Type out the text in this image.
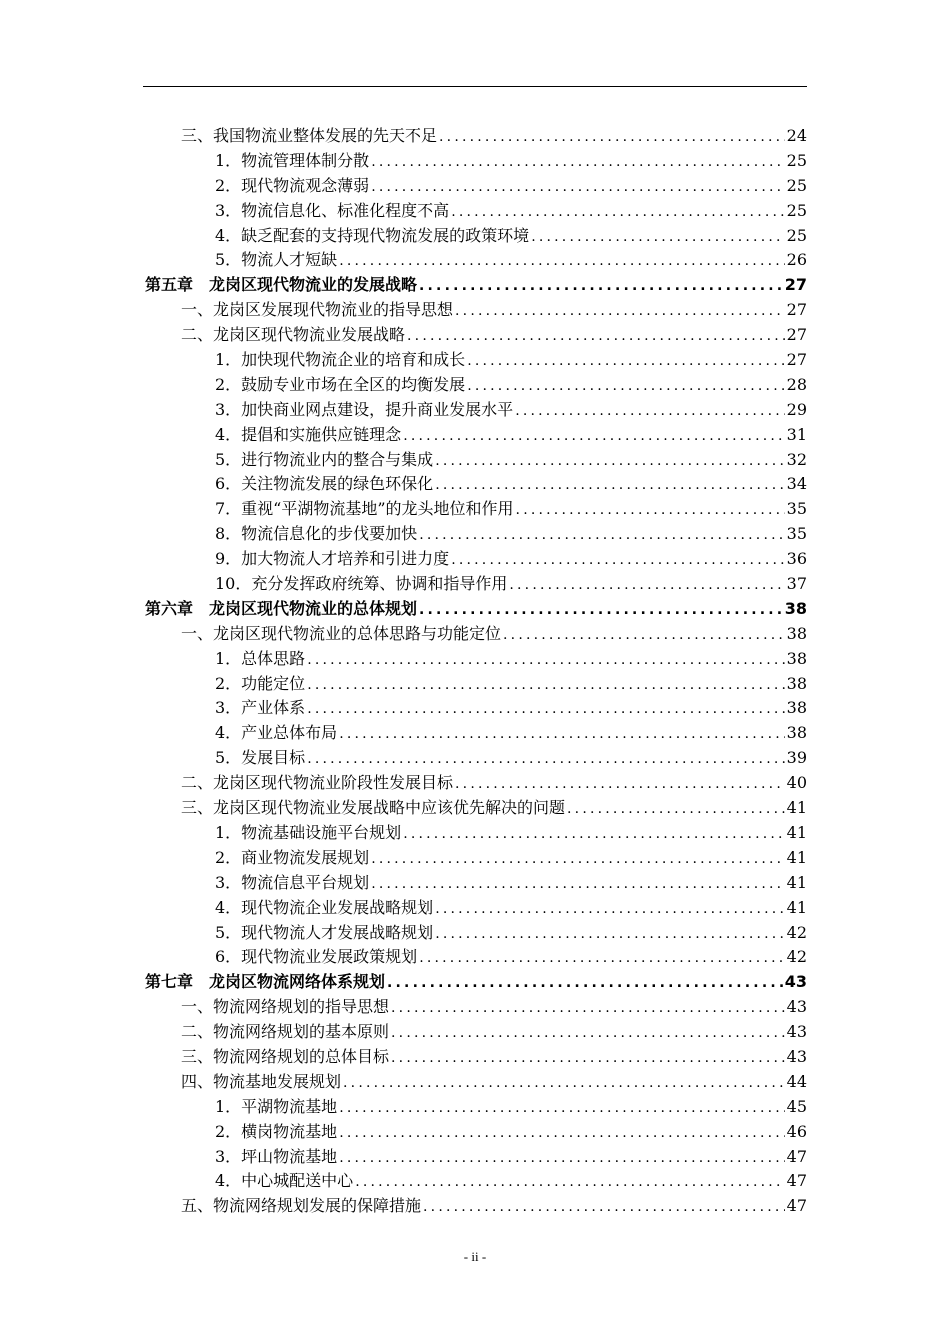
三、我国物流业整体发展的先天不足 .....	24
1．物流管理体制分散 .....	25
2．现代物流观念薄弱 .....	25
3．物流信息化、标准化程度不高 .....	25
4．缺乏配套的支持现代物流发展的政策环境 .....	25
5．物流人才短缺 .....	26
第五章　龙岗区现代物流业的发展战略 .....	27
一、龙岗区发展现代物流业的指导思想 .....	27
二、龙岗区现代物流业发展战略 .....	27
1．加快现代物流企业的培育和成长 .....	27
2．鼓励专业市场在全区的均衡发展 .....	28
3．加快商业网点建设，提升商业发展水平 .....	29
4．提倡和实施供应链理念 .....	31
5．进行物流业内的整合与集成 .....	32
6．关注物流发展的绿色环保化 .....	34
7．重视“平湖物流基地”的龙头地位和作用 .....	35
8．物流信息化的步伐要加快 .....	35
9．加大物流人才培养和引进力度 .....	36
10．充分发挥政府统筹、协调和指导作用 .....	37
第六章　龙岗区现代物流业的总体规划 .....	38
一、龙岗区现代物流业的总体思路与功能定位 .....	38
1．总体思路 .....	38
2．功能定位 .....	38
3．产业体系 .....	38
4．产业总体布局 .....	38
5．发展目标 .....	39
二、龙岗区现代物流业阶段性发展目标 .....	40
三、龙岗区现代物流业发展战略中应该优先解决的问题 .....	41
1．物流基础设施平台规划 .....	41
2．商业物流发展规划 .....	41
3．物流信息平台规划 .....	41
4．现代物流企业发展战略规划 .....	41
5．现代物流人才发展战略规划 .....	42
6．现代物流业发展政策规划 .....	42
第七章　龙岗区物流网络体系规划 .....	43
一、物流网络规划的指导思想 .....	43
二、物流网络规划的基本原则 .....	43
三、物流网络规划的总体目标 .....	43
四、物流基地发展规划 .....	44
1．平湖物流基地 .....	45
2．横岗物流基地 .....	46
3．坪山物流基地 .....	47
4．中心城配送中心 .....	47
五、物流网络规划发展的保障措施 .....	47
- ii -
